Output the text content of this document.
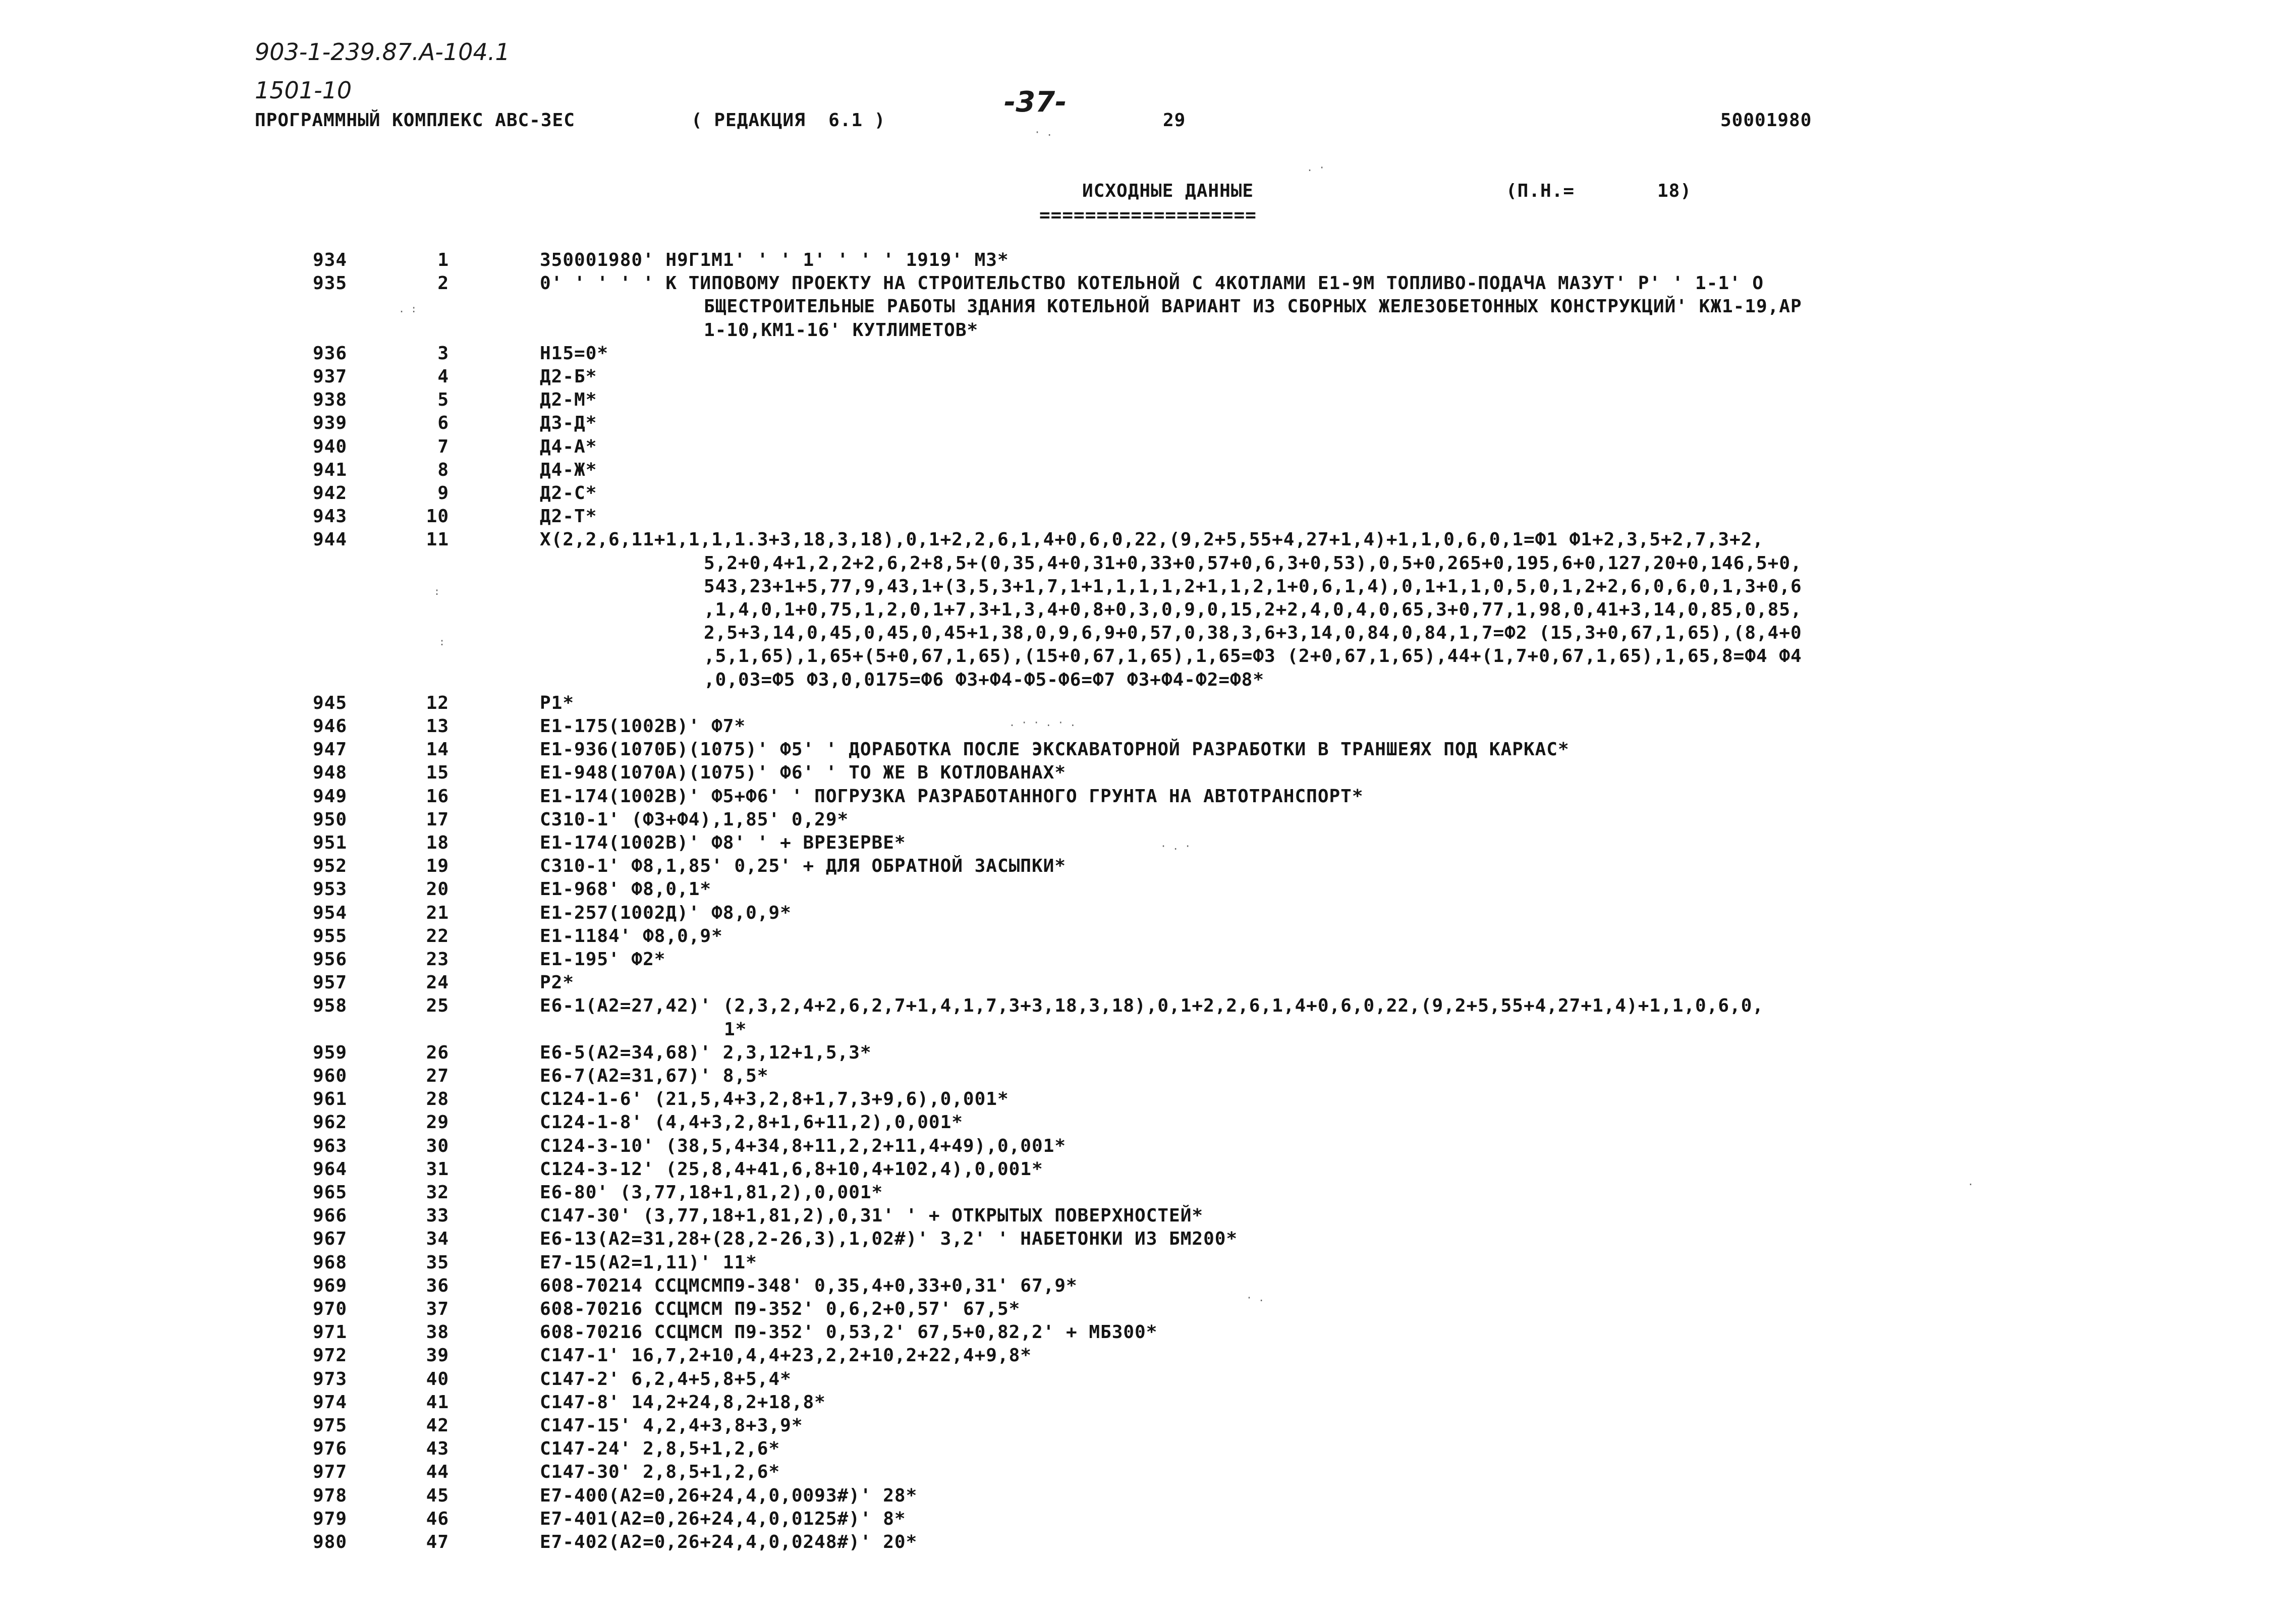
903-1-239.87.А-104.1
1501-10
ПРОГРАММНЫЙ КОМПЛЕКС АВС-3ЕС	( РЕДАКЦИЯ  6.1 )
-37-
29	50001980
ИСХОДНЫЕ ДАННЫЕ	(П.Н.=	18)
===================
. ·
· .
. :
:
:
. · · . · .
· . ·
· .
.
934	1	350001980' Н9Г1М1' ' ' 1' ' ' ' 1919' М3*
935	2	0' ' ' ' ' К ТИПОВОМУ ПРОЕКТУ НА СТРОИТЕЛЬСТВО КОТЕЛЬНОЙ С 4КОТЛАМИ Е1-9М ТОПЛИВО-ПОДАЧА МАЗУТ' Р' ' 1-1' О
БЩЕСТРОИТЕЛЬНЫЕ РАБОТЫ ЗДАНИЯ КОТЕЛЬНОЙ ВАРИАНТ ИЗ СБОРНЫХ ЖЕЛЕЗОБЕТОННЫХ КОНСТРУКЦИЙ' КЖ1-19,АР
1-10,КМ1-16' КУТЛИМЕТОВ*
936	3	Н15=0*
937	4	Д2-Б*
938	5	Д2-М*
939	6	Д3-Д*
940	7	Д4-А*
941	8	Д4-Ж*
942	9	Д2-С*
943	10	Д2-Т*
944	11	Х(2,2,6,11+1,1,1,1.3+3,18,3,18),0,1+2,2,6,1,4+0,6,0,22,(9,2+5,55+4,27+1,4)+1,1,0,6,0,1=Ф1 Ф1+2,3,5+2,7,3+2,
5,2+0,4+1,2,2+2,6,2+8,5+(0,35,4+0,31+0,33+0,57+0,6,3+0,53),0,5+0,265+0,195,6+0,127,20+0,146,5+0,
543,23+1+5,77,9,43,1+(3,5,3+1,7,1+1,1,1,1,2+1,1,2,1+0,6,1,4),0,1+1,1,0,5,0,1,2+2,6,0,6,0,1,3+0,6
,1,4,0,1+0,75,1,2,0,1+7,3+1,3,4+0,8+0,3,0,9,0,15,2+2,4,0,4,0,65,3+0,77,1,98,0,41+3,14,0,85,0,85,
2,5+3,14,0,45,0,45,0,45+1,38,0,9,6,9+0,57,0,38,3,6+3,14,0,84,0,84,1,7=Ф2 (15,3+0,67,1,65),(8,4+0
,5,1,65),1,65+(5+0,67,1,65),(15+0,67,1,65),1,65=Ф3 (2+0,67,1,65),44+(1,7+0,67,1,65),1,65,8=Ф4 Ф4
,0,03=Ф5 Ф3,0,0175=Ф6 Ф3+Ф4-Ф5-Ф6=Ф7 Ф3+Ф4-Ф2=Ф8*
945	12	Р1*
946	13	Е1-175(1002В)' Ф7*
947	14	Е1-936(1070Б)(1075)' Ф5' ' ДОРАБОТКА ПОСЛЕ ЭКСКАВАТОРНОЙ РАЗРАБОТКИ В ТРАНШЕЯХ ПОД КАРКАС*
948	15	Е1-948(1070А)(1075)' Ф6' ' ТО ЖЕ В КОТЛОВАНАХ*
949	16	Е1-174(1002В)' Ф5+Ф6' ' ПОГРУЗКА РАЗРАБОТАННОГО ГРУНТА НА АВТОТРАНСПОРТ*
950	17	С310-1' (Ф3+Ф4),1,85' 0,29*
951	18	Е1-174(1002В)' Ф8' ' + ВРЕЗЕРВЕ*
952	19	С310-1' Ф8,1,85' 0,25' + ДЛЯ ОБРАТНОЙ ЗАСЫПКИ*
953	20	Е1-968' Ф8,0,1*
954	21	Е1-257(1002Д)' Ф8,0,9*
955	22	Е1-1184' Ф8,0,9*
956	23	Е1-195' Ф2*
957	24	Р2*
958	25	Е6-1(А2=27,42)' (2,3,2,4+2,6,2,7+1,4,1,7,3+3,18,3,18),0,1+2,2,6,1,4+0,6,0,22,(9,2+5,55+4,27+1,4)+1,1,0,6,0,
1*
959	26	Е6-5(А2=34,68)' 2,3,12+1,5,3*
960	27	Е6-7(А2=31,67)' 8,5*
961	28	С124-1-6' (21,5,4+3,2,8+1,7,3+9,6),0,001*
962	29	С124-1-8' (4,4+3,2,8+1,6+11,2),0,001*
963	30	С124-3-10' (38,5,4+34,8+11,2,2+11,4+49),0,001*
964	31	С124-3-12' (25,8,4+41,6,8+10,4+102,4),0,001*
965	32	Е6-80' (3,77,18+1,81,2),0,001*
966	33	С147-30' (3,77,18+1,81,2),0,31' ' + ОТКРЫТЫХ ПОВЕРХНОСТЕЙ*
967	34	Е6-13(А2=31,28+(28,2-26,3),1,02#)' 3,2' ' НАБЕТОНКИ ИЗ БМ200*
968	35	Е7-15(А2=1,11)' 11*
969	36	608-70214 ССЦМСМП9-348' 0,35,4+0,33+0,31' 67,9*
970	37	608-70216 ССЦМСМ П9-352' 0,6,2+0,57' 67,5*
971	38	608-70216 ССЦМСМ П9-352' 0,53,2' 67,5+0,82,2' + МБ300*
972	39	С147-1' 16,7,2+10,4,4+23,2,2+10,2+22,4+9,8*
973	40	С147-2' 6,2,4+5,8+5,4*
974	41	С147-8' 14,2+24,8,2+18,8*
975	42	С147-15' 4,2,4+3,8+3,9*
976	43	С147-24' 2,8,5+1,2,6*
977	44	С147-30' 2,8,5+1,2,6*
978	45	Е7-400(А2=0,26+24,4,0,0093#)' 28*
979	46	Е7-401(А2=0,26+24,4,0,0125#)' 8*
980	47	Е7-402(А2=0,26+24,4,0,0248#)' 20*
